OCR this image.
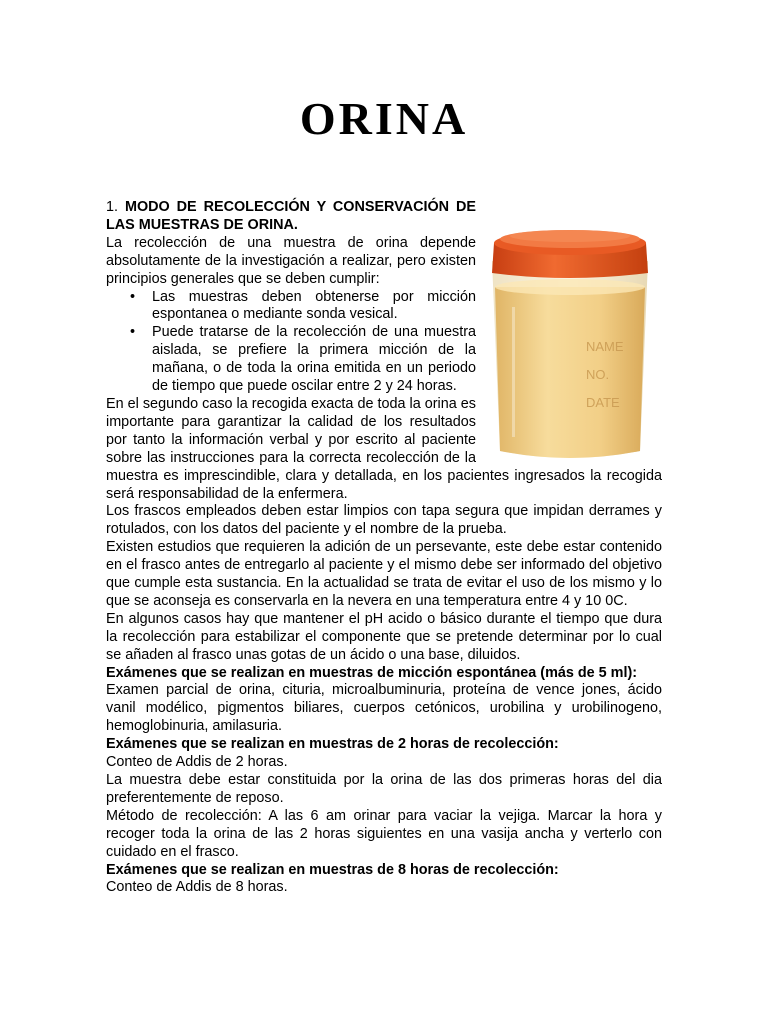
ORINA
NAME
NO.
DATE

1. MODO DE RECOLECCIÓN Y CONSERVACIÓN DE LAS MUESTRAS DE ORINA.

La recolección de una muestra de orina depende absolutamente de la investigación a realizar, pero existen principios generales que se deben cumplir:

• Las muestras deben obtenerse por micción espontanea o mediante sonda vesical.
• Puede tratarse de la recolección de una muestra aislada, se prefiere la primera micción de la mañana, o de toda la orina emitida en un periodo de tiempo que puede oscilar entre 2 y 24 horas.

En el segundo caso la recogida exacta de toda la orina es importante para garantizar la calidad de los resultados por tanto la información verbal y por escrito al paciente sobre las instrucciones para la correcta recolección de la muestra es imprescindible, clara y detallada, en los pacientes ingresados la recogida será responsabilidad de la enfermera.

Los frascos empleados deben estar limpios con tapa segura que impidan derrames y rotulados, con los datos del paciente y el nombre de la prueba.

Existen estudios que requieren la adición de un persevante, este debe estar contenido en el frasco antes de entregarlo al paciente y el mismo debe ser informado del objetivo que cumple esta sustancia. En la actualidad se trata de evitar el uso de los mismo y lo que se aconseja es conservarla en la nevera en una temperatura entre 4 y 10 0C.

En algunos casos hay que mantener el pH acido o básico durante el tiempo que dura la recolección para estabilizar el componente que se pretende determinar por lo cual se añaden al frasco unas gotas de un ácido o una base, diluidos.

Exámenes que se realizan en muestras de micción espontánea (más de 5 ml):

Examen parcial de orina, cituria, microalbuminuria, proteína de vence jones, ácido vanil modélico, pigmentos biliares, cuerpos cetónicos, urobilina y urobilinogeno, hemoglobinuria, amilasuria.

Exámenes que se realizan en muestras de 2 horas de recolección:

Conteo de Addis de 2 horas.

La muestra debe estar constituida por la orina de las dos primeras horas del dia preferentemente de reposo.

Método de recolección: A las 6 am orinar para vaciar la vejiga. Marcar la hora y recoger toda la orina de las 2 horas siguientes en una vasija ancha y verterlo con cuidado en el frasco.

Exámenes que se realizan en muestras de 8 horas de recolección:

Conteo de Addis de 8 horas.
